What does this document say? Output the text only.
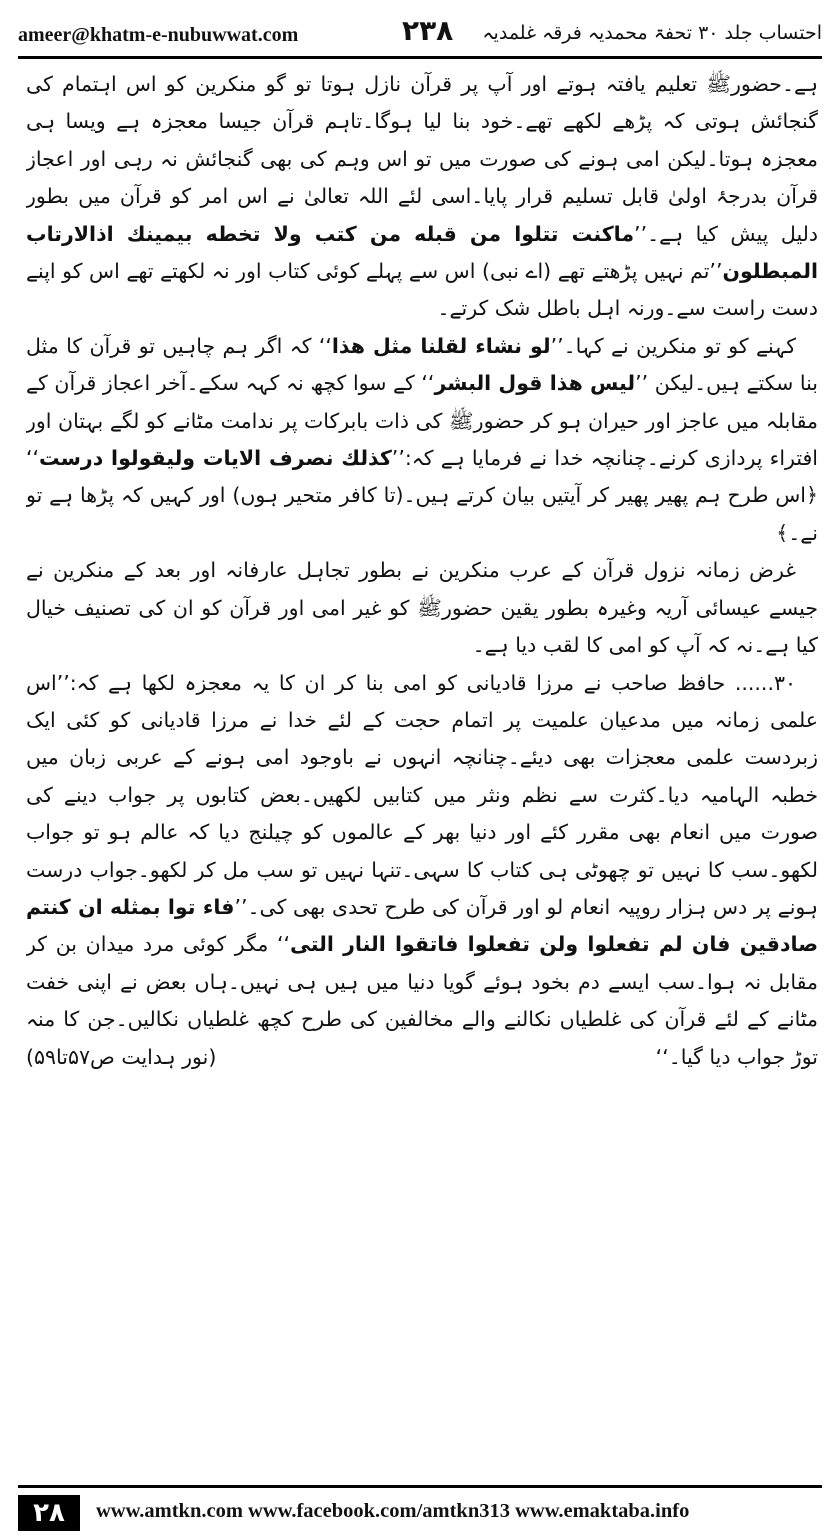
ameer@khatm-e-nubuwwat.com	۲۳۸ احتساب جلد ۳۰ تحفۃ محمدیہ فرقہ غلمدیہ

ہے۔حضورﷺ تعلیم یافتہ ہوتے اور آپ پر قرآن نازل ہوتا تو گو منکرین کو اس اہتمام کی گنجائش ہوتی کہ پڑھے لکھے تھے۔خود بنا لیا ہوگا۔تاہم قرآن جیسا معجزہ ہے ویسا ہی معجزہ ہوتا۔لیکن امی ہونے کی صورت میں تو اس وہم کی بھی گنجائش نہ رہی اور اعجاز قرآن بدرجۂ اولیٰ قابل تسلیم قرار پایا۔اسی لئے اللہ تعالیٰ نے اس امر کو قرآن میں بطور دلیل پیش کیا ہے۔’’ماکنت تتلوا من قبله من كتب ولا تخطه بيمينك اذالارتاب المبطلون’’تم نہیں پڑھتے تھے (اے نبی) اس سے پہلے کوئی کتاب اور نہ لکھتے تھے اس کو اپنے دست راست سے۔ورنہ اہل باطل شک کرتے۔

کہنے کو تو منکرین نے کہا۔’’لو نشاء لقلنا مثل هذا‘‘ کہ اگر ہم چاہیں تو قرآن کا مثل بنا سکتے ہیں۔لیکن ’’ليس هذا قول البشر‘‘ کے سوا کچھ نہ کہہ سکے۔آخر اعجاز قرآن کے مقابلہ میں عاجز اور حیران ہو کر حضورﷺ کی ذات بابرکات پر ندامت مٹانے کو لگے بہتان اور افتراء پردازی کرنے۔چنانچہ خدا نے فرمایا ہے کہ:’’كذلك نصرف الايات وليقولوا درست‘‘ ﴿اس طرح ہم پھیر پھیر کر آیتیں بیان کرتے ہیں۔(تا کافر متحیر ہوں) اور کہیں کہ پڑھا ہے تو نے۔﴾

غرض زمانہ نزول قرآن کے عرب منکرین نے بطور تجاہل عارفانہ اور بعد کے منکرین نے جیسے عیسائی آریہ وغیرہ بطور یقین حضورﷺ کو غیر امی اور قرآن کو ان کی تصنیف خیال کیا ہے۔نہ کہ آپ کو امی کا لقب دیا ہے۔

۳۰...... حافظ صاحب نے مرزا قادیانی کو امی بنا کر ان کا یہ معجزہ لکھا ہے کہ:’’اس علمی زمانہ میں مدعیان علمیت پر اتمام حجت کے لئے خدا نے مرزا قادیانی کو کئی ایک زبردست علمی معجزات بھی دیئے۔چنانچہ انہوں نے باوجود امی ہونے کے عربی زبان میں خطبہ الہامیہ دیا۔کثرت سے نظم ونثر میں کتابیں لکھیں۔بعض کتابوں پر جواب دینے کی صورت میں انعام بھی مقرر کئے اور دنیا بھر کے عالموں کو چیلنج دیا کہ عالم ہو تو جواب لکھو۔سب کا نہیں تو چھوٹی ہی کتاب کا سہی۔تنہا نہیں تو سب مل کر لکھو۔جواب درست ہونے پر دس ہزار روپیہ انعام لو اور قرآن کی طرح تحدی بھی کی۔’’فاء توا بمثله ان كنتم صادقين فان لم تفعلوا ولن تفعلوا فاتقوا النار التى‘‘ مگر کوئی مرد میدان بن کر مقابل نہ ہوا۔سب ایسے دم بخود ہوئے گویا دنیا میں ہیں ہی نہیں۔ہاں بعض نے اپنی خفت مٹانے کے لئے قرآن کی غلطیاں نکالنے والے مخالفین کی طرح کچھ غلطیاں نکالیں۔جن کا منہ توڑ جواب دیا گیا۔‘‘
(نور ہدایت ص۵۷تا۵۹)

۲۸	www.amtkn.com www.facebook.com/amtkn313 www.emaktaba.info
